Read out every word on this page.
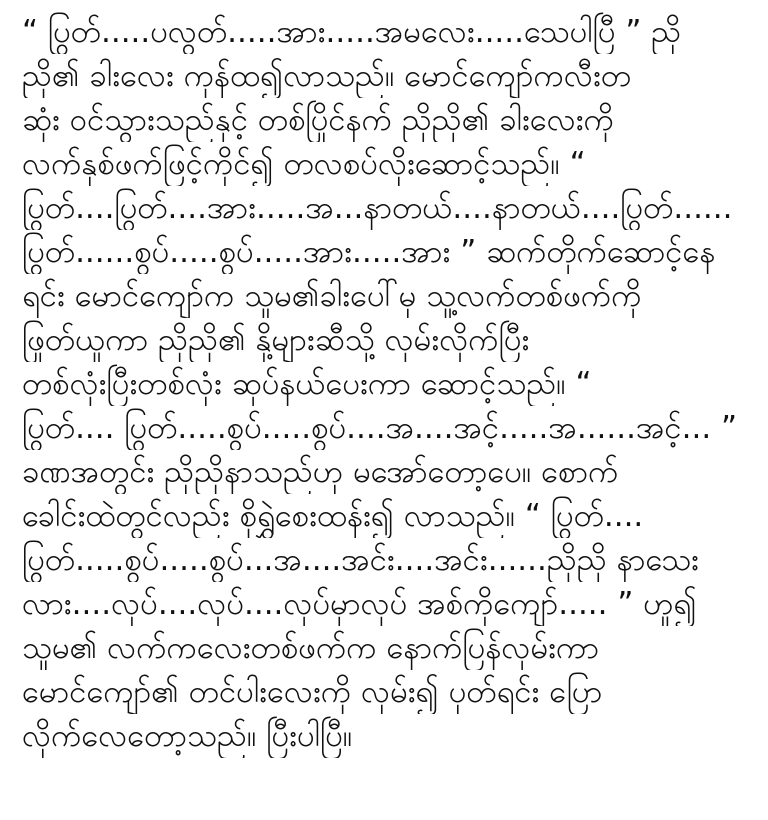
“ ပြွတ်.....ပလွတ်.....အား.....အမလေး.....သေပါပြီ ” ညို
ညို၏ ခါးလေး ကုန်ထ၍လာသည်။ မောင်ကျော်ကလီးတ
ဆုံး ဝင်သွားသည်နှင့် တစ်ပြိုင်နက် ညိုညို၏ ခါးလေးကို
လက်နှစ်ဖက်ဖြင့်ကိုင်၍ တလစပ်လိုးဆောင့်သည်။ “
ပြွတ်....ပြွတ်....အား.....အ...နာတယ်....နာတယ်....ပြွတ်......
ပြွတ်......စွပ်.....စွပ်.....အား.....အား ” ဆက်တိုက်ဆောင့်နေ
ရင်း မောင်ကျော်က သူမ၏ခါးပေါ်မှ သူ့လက်တစ်ဖက်ကို
ဖြုတ်ယူကာ ညိုညို၏ နို့များဆီသို့ လှမ်းလိုက်ပြီး
တစ်လုံးပြီးတစ်လုံး ဆုပ်နယ်ပေးကာ ဆောင့်သည်။ “
ပြွတ်.... ပြွတ်.....စွပ်.....စွပ်....အ....အင့်.....အ......အင့်... ”
ခဏအတွင်း ညိုညိုနာသည်ဟု မအော်တော့ပေ။ စောက်
ခေါင်းထဲတွင်လည်း စိုရွှဲစေးထန်း၍ လာသည်။ “ ပြွတ်....
ပြွတ်.....စွပ်.....စွပ်...အ....အင်း....အင်း......ညိုညို နာသေး
လား....လုပ်....လုပ်....လုပ်မှာလုပ် အစ်ကိုကျော်..... ” ဟူ၍
သူမ၏ လက်ကလေးတစ်ဖက်က နောက်ပြန်လှမ်းကာ
မောင်ကျော်၏ တင်ပါးလေးကို လှမ်း၍ ပုတ်ရင်း ပြော
လိုက်လေတော့သည်။ ပြီးပါပြီ။
